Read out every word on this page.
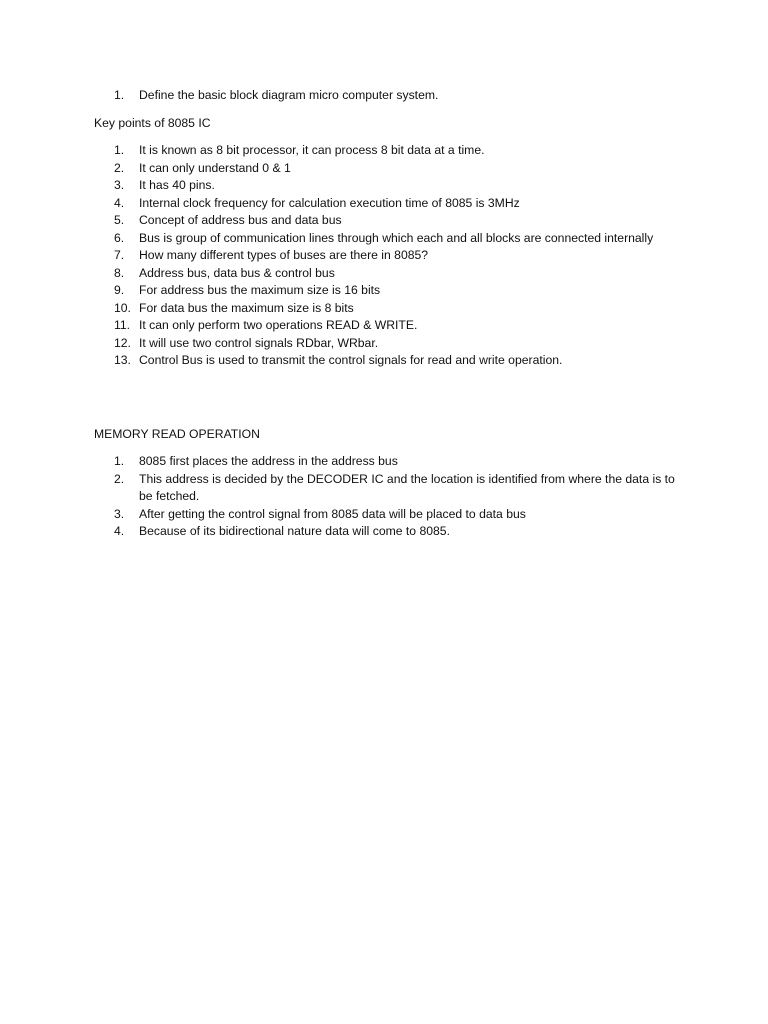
1. Define the basic block diagram micro computer system.
Key points of 8085 IC
1. It is known as 8 bit processor, it can process 8 bit data at a time.
2. It can only understand 0 & 1
3. It has 40 pins.
4. Internal clock frequency for calculation execution time of 8085 is 3MHz
5. Concept of address bus and data bus
6. Bus is group of communication lines through which each and all blocks are connected internally
7. How many different types of buses are there in 8085?
8. Address bus, data bus & control bus
9. For address bus the maximum size is 16 bits
10. For data bus the maximum size is 8 bits
11. It can only perform two operations READ & WRITE.
12. It will use two control signals RDbar, WRbar.
13. Control Bus is used to transmit the control signals for read and write operation.
MEMORY READ OPERATION
1. 8085 first places the address in the address bus
2. This address is decided by the DECODER IC and the location is identified from where the data is to be fetched.
3. After getting the control signal from 8085 data will be placed to data bus
4. Because of its bidirectional nature data will come to 8085.
